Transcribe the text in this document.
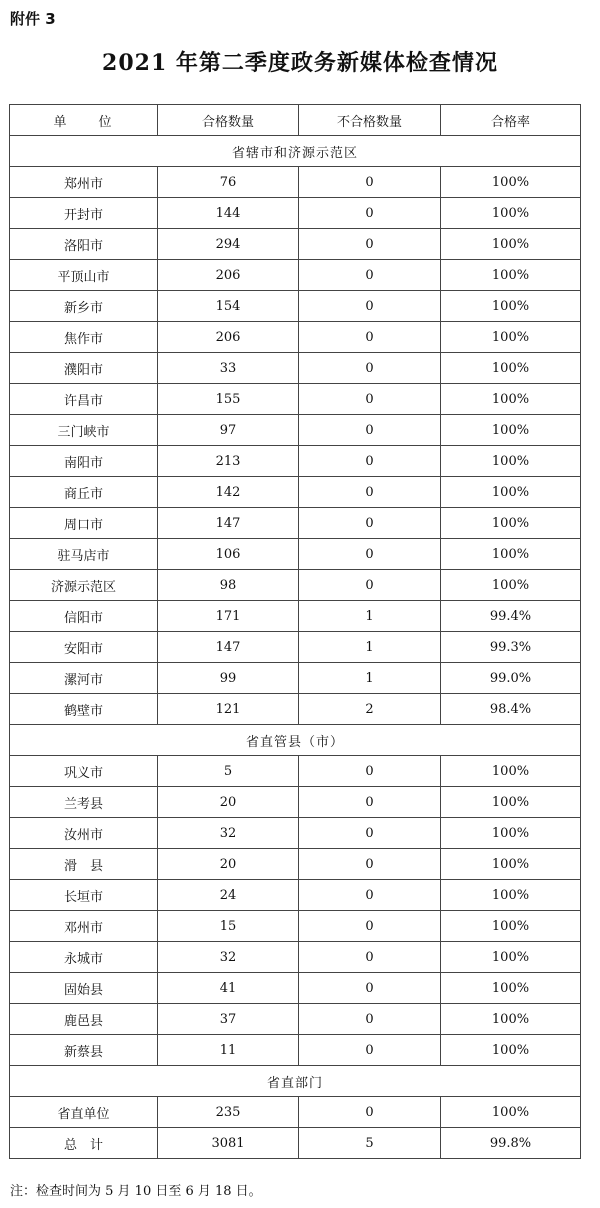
附件 3
2021 年第二季度政务新媒体检查情况
单　　位	合格数量	不合格数量	合格率
省辖市和济源示范区			
郑州市	76	0	100%
开封市	144	0	100%
洛阳市	294	0	100%
平顶山市	206	0	100%
新乡市	154	0	100%
焦作市	206	0	100%
濮阳市	33	0	100%
许昌市	155	0	100%
三门峡市	97	0	100%
南阳市	213	0	100%
商丘市	142	0	100%
周口市	147	0	100%
驻马店市	106	0	100%
济源示范区	98	0	100%
信阳市	171	1	99.4%
安阳市	147	1	99.3%
漯河市	99	1	99.0%
鹤壁市	121	2	98.4%
省直管县（市）			
巩义市	5	0	100%
兰考县	20	0	100%
汝州市	32	0	100%
滑　县	20	0	100%
长垣市	24	0	100%
邓州市	15	0	100%
永城市	32	0	100%
固始县	41	0	100%
鹿邑县	37	0	100%
新蔡县	11	0	100%
省直部门			
省直单位	235	0	100%
总　计	3081	5	99.8%
注：检查时间为 5 月 10 日至 6 月 18 日。
